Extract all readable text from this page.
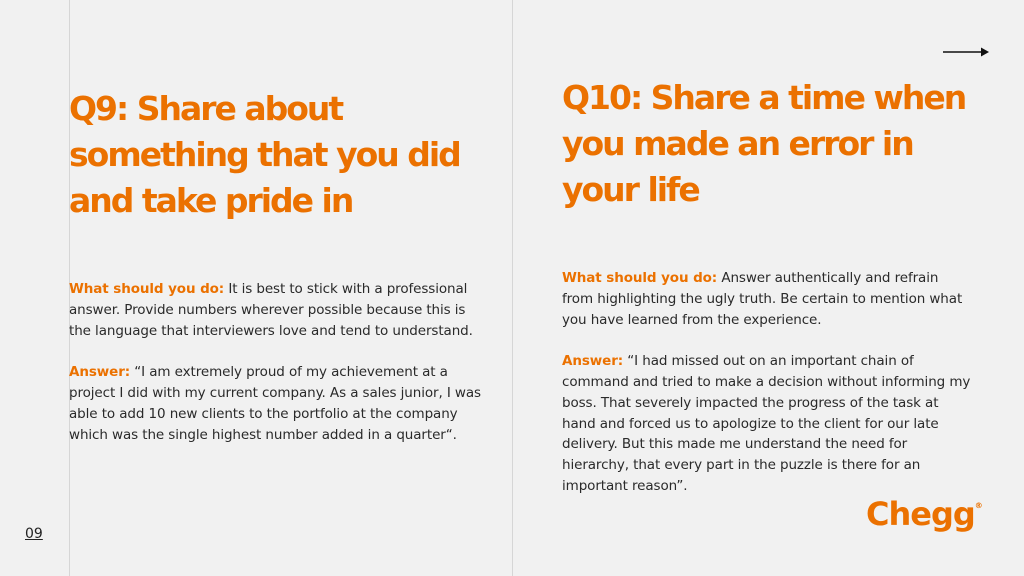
Q9: Share about something that you did and take pride in

What should you do: It is best to stick with a professional answer. Provide numbers wherever possible because this is the language that interviewers love and tend to understand.

Answer: “I am extremely proud of my achievement at a project I did with my current company. As a sales junior, I was able to add 10 new clients to the portfolio at the company which was the single highest number added in a quarter“.

Q10: Share a time when you made an error in your life

What should you do: Answer authentically and refrain from highlighting the ugly truth. Be certain to mention what you have learned from the experience.

Answer: “I had missed out on an important chain of command and tried to make a decision without informing my boss. That severely impacted the progress of the task at hand and forced us to apologize to the client for our late delivery. But this made me understand the need for hierarchy, that every part in the puzzle is there for an important reason”.

09
Chegg®
